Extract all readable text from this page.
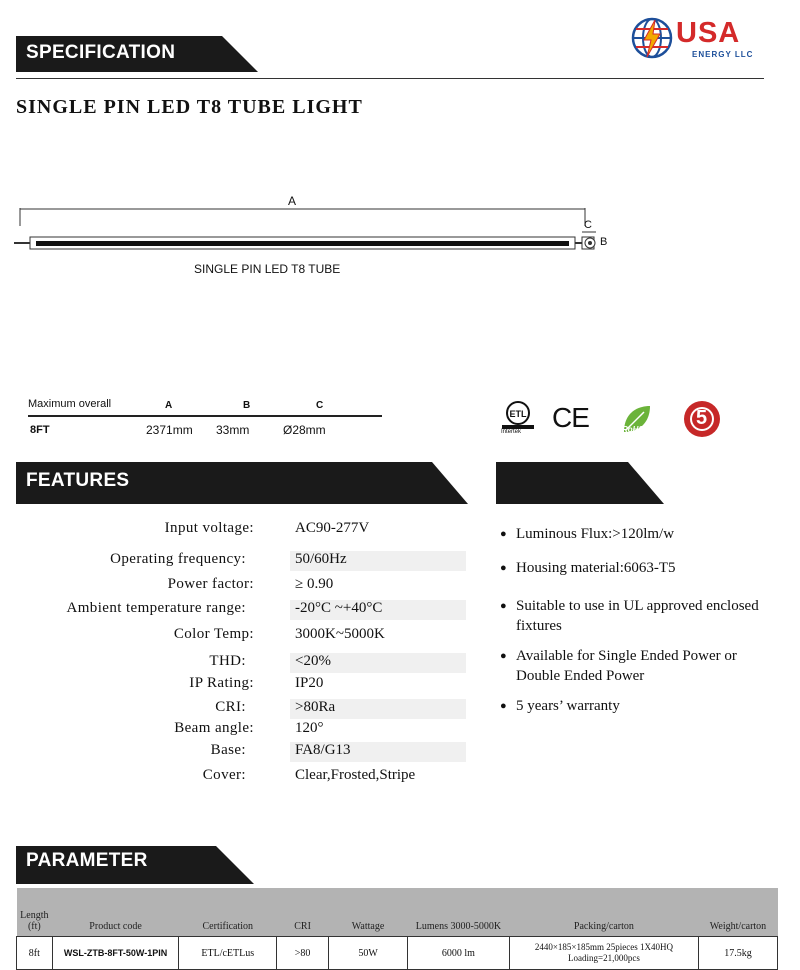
SPECIFICATION
USA
ENERGY LLC
SINGLE PIN LED T8 TUBE LIGHT
A
C
B
SINGLE PIN LED T8 TUBE
Maximum overall	A	B	C
8FT	2371mm 33mm	Ø28mm
ETL
Intertek CE	RoHS
5
FEATURES
Input voltage:	AC90-277V
Operating frequency:	50/60Hz
Power factor:	≥ 0.90
Ambient temperature range:	-20°C ~+40°C
Color Temp:	3000K~5000K
THD:	<20%
IP Rating:	IP20
CRI:	>80Ra
Beam angle:	120°
Base:	FA8/G13
Cover:	Clear,Frosted,Stripe
● Luminous Flux:>120lm/w
● Housing material:6063-T5
● Suitable to use in UL approved enclosed fixtures
● Available for Single Ended Power or Double Ended Power
● 5 years’ warranty
PARAMETER
Length (ft)	Product code	Certification	CRI	Wattage	Lumens 3000-5000K	Packing/carton	Weight/carton
8ft	WSL-ZTB-8FT-50W-1PIN	ETL/cETLus	>80	50W	6000 lm	2440×185×185mm 25pieces 1X40HQ Loading=21,000pcs	17.5kg
